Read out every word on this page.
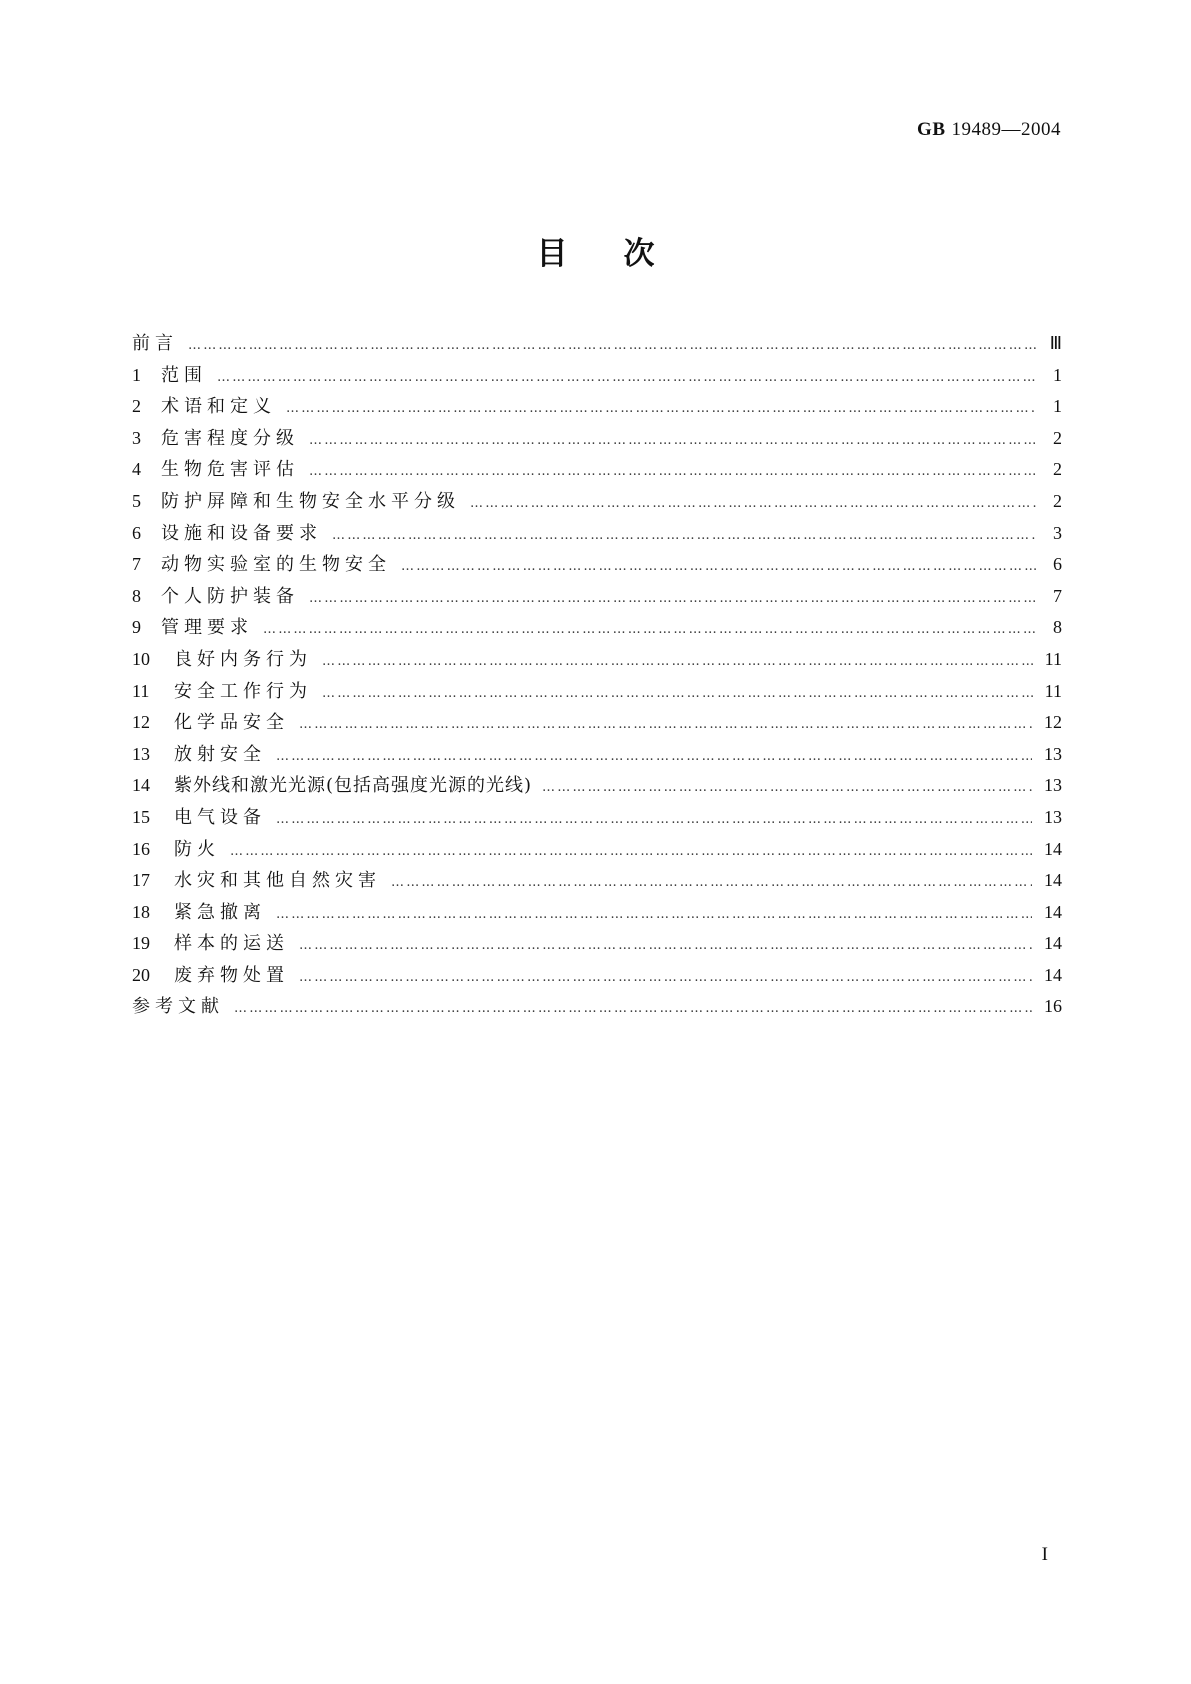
GB 19489—2004
目次
前言 …………………………………………………………………………………………………………………………………………………………………………………………………………	Ⅲ
1	范围 …………………………………………………………………………………………………………………………………………………………………………………………………………	1
2	术语和定义 …………………………………………………………………………………………………………………………………………………………………………………………………………	1
3	危害程度分级 …………………………………………………………………………………………………………………………………………………………………………………………………………	2
4	生物危害评估 …………………………………………………………………………………………………………………………………………………………………………………………………………	2
5	防护屏障和生物安全水平分级 …………………………………………………………………………………………………………………………………………………………………………………………………………	2
6	设施和设备要求 …………………………………………………………………………………………………………………………………………………………………………………………………………	3
7	动物实验室的生物安全 …………………………………………………………………………………………………………………………………………………………………………………………………………	6
8	个人防护装备 …………………………………………………………………………………………………………………………………………………………………………………………………………	7
9	管理要求 …………………………………………………………………………………………………………………………………………………………………………………………………………	8
10	良好内务行为 …………………………………………………………………………………………………………………………………………………………………………………………………………	11
11	安全工作行为 …………………………………………………………………………………………………………………………………………………………………………………………………………	11
12	化学品安全 …………………………………………………………………………………………………………………………………………………………………………………………………………	12
13	放射安全 …………………………………………………………………………………………………………………………………………………………………………………………………………	13
14	紫外线和激光光源(包括高强度光源的光线) …………………………………………………………………………………………………………………………………………………………………………………………………………	13
15	电气设备 …………………………………………………………………………………………………………………………………………………………………………………………………………	13
16	防火 …………………………………………………………………………………………………………………………………………………………………………………………………………	14
17	水灾和其他自然灾害 …………………………………………………………………………………………………………………………………………………………………………………………………………	14
18	紧急撤离 …………………………………………………………………………………………………………………………………………………………………………………………………………	14
19	样本的运送 …………………………………………………………………………………………………………………………………………………………………………………………………………	14
20	废弃物处置 …………………………………………………………………………………………………………………………………………………………………………………………………………	14
参考文献 …………………………………………………………………………………………………………………………………………………………………………………………………………	16
I
